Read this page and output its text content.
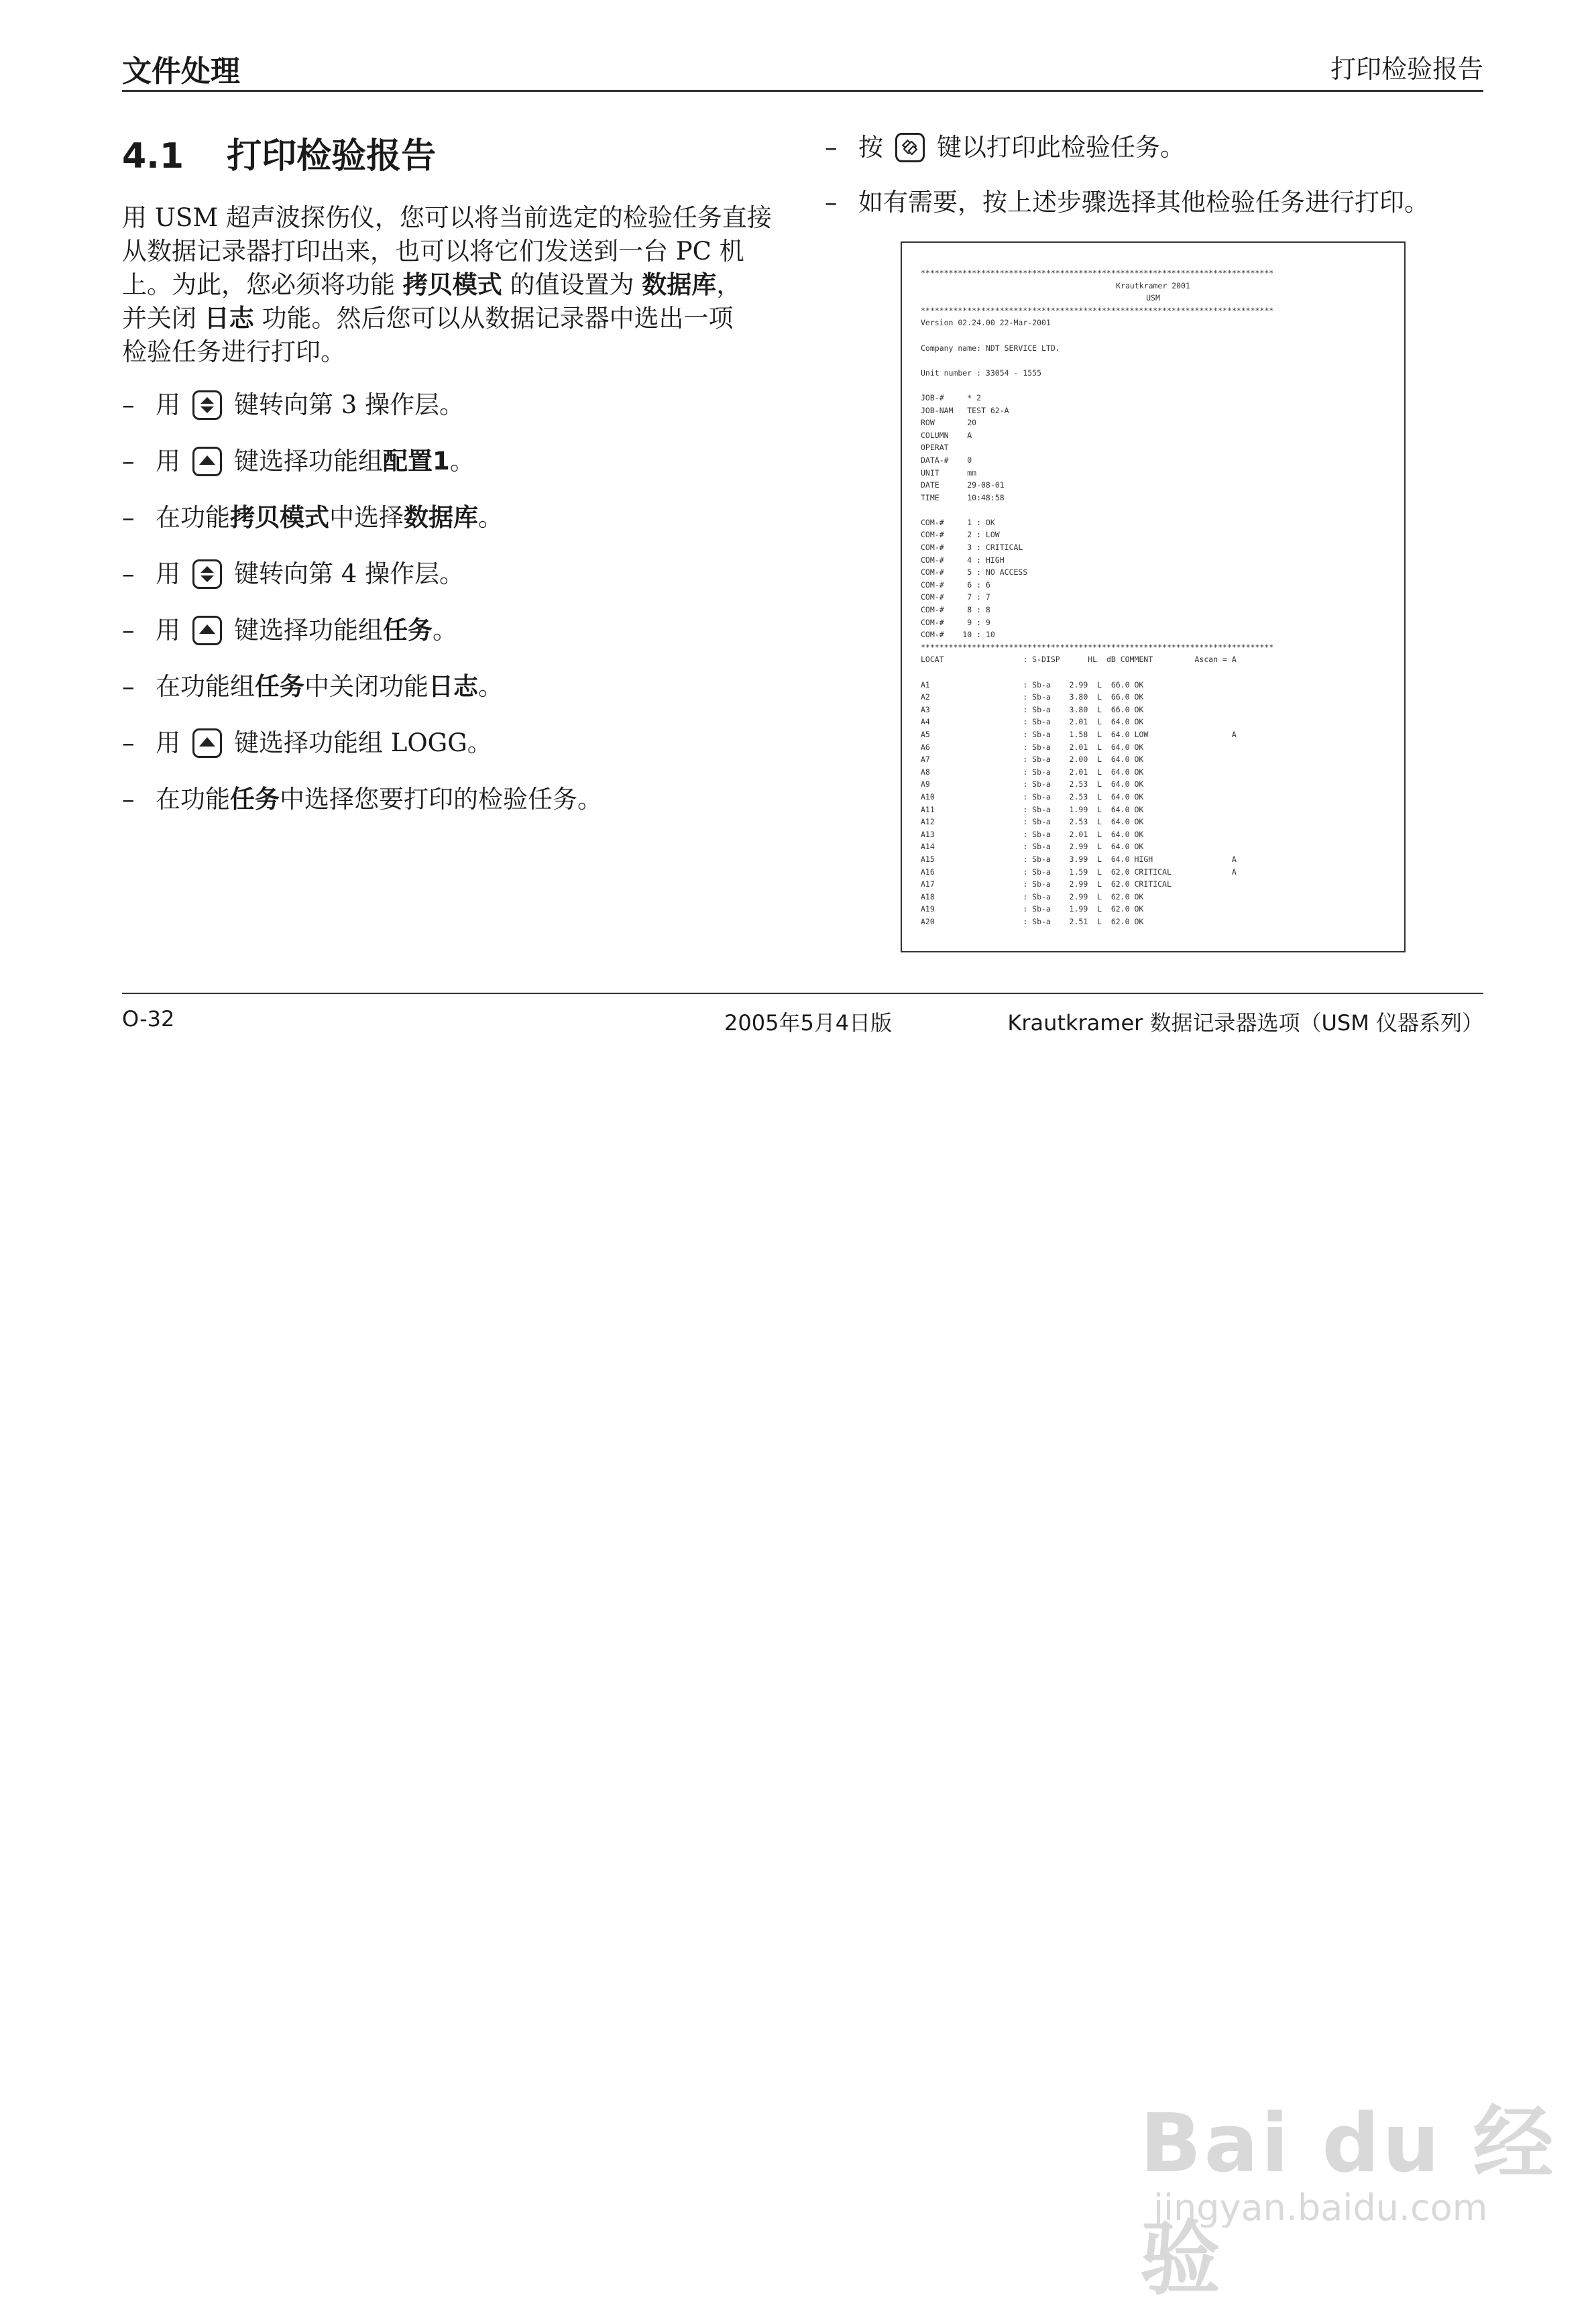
文件处理	打印检验报告
4.1 打印检验报告
用 USM 超声波探伤仪，您可以将当前选定的检验任务直接
从数据记录器打印出来，也可以将它们发送到一台 PC 机
上。为此，您必须将功能 拷贝模式 的值设置为 数据库，
并关闭 日志 功能。然后您可以从数据记录器中选出一项
检验任务进行打印。
– 用 键转向第 3 操作层。
– 用 键选择功能组 配置1 。
– 在功能 拷贝模式 中选择 数据库 。
– 用 键转向第 4 操作层。
– 用 键选择功能组 任务 。
– 在功能组 任务 中关闭功能 日志 。
– 用 键选择功能组 LOGG。
– 在功能 任务 中选择您要打印的检验任务。
– 按 键以打印此检验任务。
– 如有需要，按上述步骤选择其他检验任务进行打印。
****************************************************************************
Krautkramer 2001
USM
****************************************************************************
Version 02.24.00 22-Mar-2001
Company name: NDT SERVICE LTD.
Unit number : 33054 - 1555
JOB-#     * 2
JOB-NAM   TEST 62-A
ROW       20
COLUMN    A
OPERAT
DATA-#    0
UNIT      mm
DATE      29-08-01
TIME      10:48:58
COM-#     1 : OK
COM-#     2 : LOW
COM-#     3 : CRITICAL
COM-#     4 : HIGH
COM-#     5 : NO ACCESS
COM-#     6 : 6
COM-#     7 : 7
COM-#     8 : 8
COM-#     9 : 9
COM-#    10 : 10
****************************************************************************
LOCAT                 : S-DISP      HL  dB COMMENT         Ascan = A
A1                    : Sb-a    2.99  L  66.0 OK
A2                    : Sb-a    3.80  L  66.0 OK
A3                    : Sb-a    3.80  L  66.0 OK
A4                    : Sb-a    2.01  L  64.0 OK
A5                    : Sb-a    1.58  L  64.0 LOW                  A
A6                    : Sb-a    2.01  L  64.0 OK
A7                    : Sb-a    2.00  L  64.0 OK
A8                    : Sb-a    2.01  L  64.0 OK
A9                    : Sb-a    2.53  L  64.0 OK
A10                   : Sb-a    2.53  L  64.0 OK
A11                   : Sb-a    1.99  L  64.0 OK
A12                   : Sb-a    2.53  L  64.0 OK
A13                   : Sb-a    2.01  L  64.0 OK
A14                   : Sb-a    2.99  L  64.0 OK
A15                   : Sb-a    3.99  L  64.0 HIGH                 A
A16                   : Sb-a    1.59  L  62.0 CRITICAL             A
A17                   : Sb-a    2.99  L  62.0 CRITICAL
A18                   : Sb-a    2.99  L  62.0 OK
A19                   : Sb-a    1.99  L  62.0 OK
A20                   : Sb-a    2.51  L  62.0 OK
O-32	2005年5月4日版	Krautkramer 数据记录器选项（USM 仪器系列）
Bai du 经验
jingyan.baidu.com
